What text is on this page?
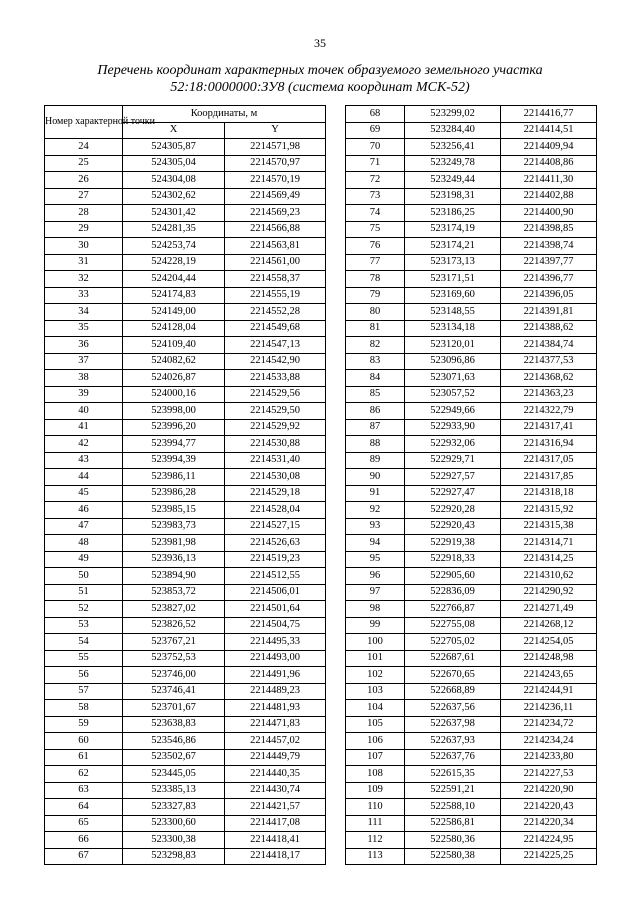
35
Перечень координат характерных точек образуемого земельного участка
52:18:0000000:ЗУ8 (система координат МСК-52)
Номер характерной точки	Координаты, м	
	X	Y
24	524305,87	2214571,98
25	524305,04	2214570,97
26	524304,08	2214570,19
27	524302,62	2214569,49
28	524301,42	2214569,23
29	524281,35	2214566,88
30	524253,74	2214563,81
31	524228,19	2214561,00
32	524204,44	2214558,37
33	524174,83	2214555,19
34	524149,00	2214552,28
35	524128,04	2214549,68
36	524109,40	2214547,13
37	524082,62	2214542,90
38	524026,87	2214533,88
39	524000,16	2214529,56
40	523998,00	2214529,50
41	523996,20	2214529,92
42	523994,77	2214530,88
43	523994,39	2214531,40
44	523986,11	2214530,08
45	523986,28	2214529,18
46	523985,15	2214528,04
47	523983,73	2214527,15
48	523981,98	2214526,63
49	523936,13	2214519,23
50	523894,90	2214512,55
51	523853,72	2214506,01
52	523827,02	2214501,64
53	523826,52	2214504,75
54	523767,21	2214495,33
55	523752,53	2214493,00
56	523746,00	2214491,96
57	523746,41	2214489,23
58	523701,67	2214481,93
59	523638,83	2214471,83
60	523546,86	2214457,02
61	523502,67	2214449,79
62	523445,05	2214440,35
63	523385,13	2214430,74
64	523327,83	2214421,57
65	523300,60	2214417,08
66	523300,38	2214418,41
67	523298,83	2214418,17
68	523299,02	2214416,77
69	523284,40	2214414,51
70	523256,41	2214409,94
71	523249,78	2214408,86
72	523249,44	2214411,30
73	523198,31	2214402,88
74	523186,25	2214400,90
75	523174,19	2214398,85
76	523174,21	2214398,74
77	523173,13	2214397,77
78	523171,51	2214396,77
79	523169,60	2214396,05
80	523148,55	2214391,81
81	523134,18	2214388,62
82	523120,01	2214384,74
83	523096,86	2214377,53
84	523071,63	2214368,62
85	523057,52	2214363,23
86	522949,66	2214322,79
87	522933,90	2214317,41
88	522932,06	2214316,94
89	522929,71	2214317,05
90	522927,57	2214317,85
91	522927,47	2214318,18
92	522920,28	2214315,92
93	522920,43	2214315,38
94	522919,38	2214314,71
95	522918,33	2214314,25
96	522905,60	2214310,62
97	522836,09	2214290,92
98	522766,87	2214271,49
99	522755,08	2214268,12
100	522705,02	2214254,05
101	522687,61	2214248,98
102	522670,65	2214243,65
103	522668,89	2214244,91
104	522637,56	2214236,11
105	522637,98	2214234,72
106	522637,93	2214234,24
107	522637,76	2214233,80
108	522615,35	2214227,53
109	522591,21	2214220,90
110	522588,10	2214220,43
111	522586,81	2214220,34
112	522580,36	2214224,95
113	522580,38	2214225,25
